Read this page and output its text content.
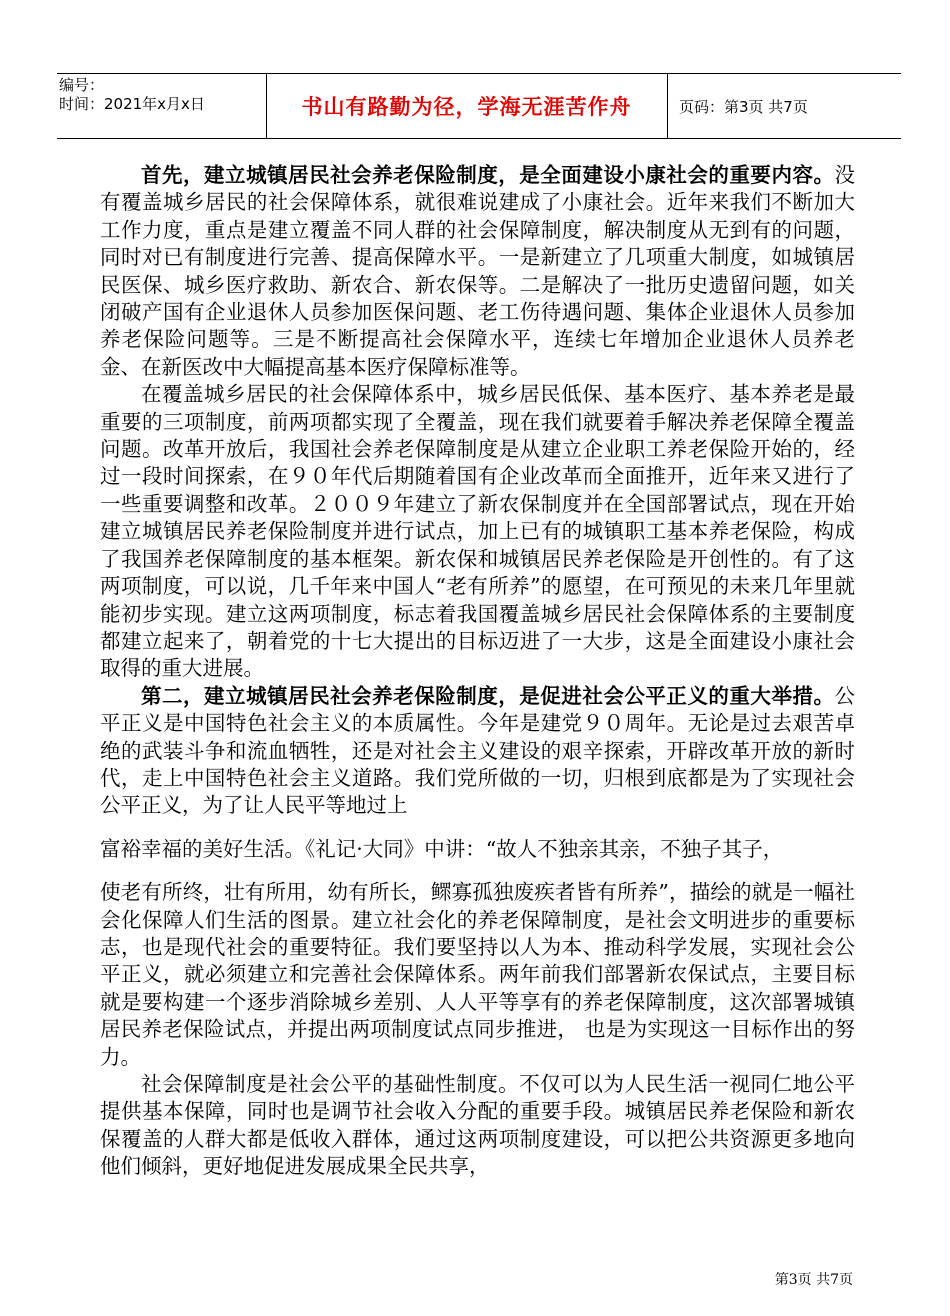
编号：
时间：2021年x月x日	书山有路勤为径，学海无涯苦作舟	页码：第3页 共7页

首先，建立城镇居民社会养老保险制度，是全面建设小康社会的重要内容。没有覆盖城乡居民的社会保障体系，就很难说建成了小康社会。近年来我们不断加大工作力度，重点是建立覆盖不同人群的社会保障制度，解决制度从无到有的问题，同时对已有制度进行完善、提高保障水平。一是新建立了几项重大制度，如城镇居民医保、城乡医疗救助、新农合、新农保等。二是解决了一批历史遗留问题，如关闭破产国有企业退休人员参加医保问题、老工伤待遇问题、集体企业退休人员参加养老保险问题等。三是不断提高社会保障水平，连续七年增加企业退休人员养老金、在新医改中大幅提高基本医疗保障标准等。

在覆盖城乡居民的社会保障体系中，城乡居民低保、基本医疗、基本养老是最重要的三项制度，前两项都实现了全覆盖，现在我们就要着手解决养老保障全覆盖问题。改革开放后，我国社会养老保障制度是从建立企业职工养老保险开始的，经过一段时间探索，在９０年代后期随着国有企业改革而全面推开，近年来又进行了一些重要调整和改革。２００９年建立了新农保制度并在全国部署试点，现在开始建立城镇居民养老保险制度并进行试点，加上已有的城镇职工基本养老保险，构成了我国养老保障制度的基本框架。新农保和城镇居民养老保险是开创性的。有了这两项制度，可以说，几千年来中国人“老有所养”的愿望，在可预见的未来几年里就能初步实现。建立这两项制度，标志着我国覆盖城乡居民社会保障体系的主要制度都建立起来了，朝着党的十七大提出的目标迈进了一大步，这是全面建设小康社会取得的重大进展。

第二，建立城镇居民社会养老保险制度，是促进社会公平正义的重大举措。公平正义是中国特色社会主义的本质属性。今年是建党９０周年。无论是过去艰苦卓绝的武装斗争和流血牺牲，还是对社会主义建设的艰辛探索，开辟改革开放的新时代，走上中国特色社会主义道路。我们党所做的一切，归根到底都是为了实现社会公平正义，为了让人民平等地过上

富裕幸福的美好生活。《礼记·大同》中讲：“故人不独亲其亲，不独子其子，

使老有所终，壮有所用，幼有所长，鳏寡孤独废疾者皆有所养”，描绘的就是一幅社会化保障人们生活的图景。建立社会化的养老保障制度，是社会文明进步的重要标志，也是现代社会的重要特征。我们要坚持以人为本、推动科学发展，实现社会公平正义，就必须建立和完善社会保障体系。两年前我们部署新农保试点，主要目标就是要构建一个逐步消除城乡差别、人人平等享有的养老保障制度，这次部署城镇居民养老保险试点，并提出两项制度试点同步推进， 也是为实现这一目标作出的努力。

社会保障制度是社会公平的基础性制度。不仅可以为人民生活一视同仁地公平提供基本保障，同时也是调节社会收入分配的重要手段。城镇居民养老保险和新农保覆盖的人群大都是低收入群体，通过这两项制度建设，可以把公共资源更多地向他们倾斜，更好地促进发展成果全民共享，

第3页 共7页
